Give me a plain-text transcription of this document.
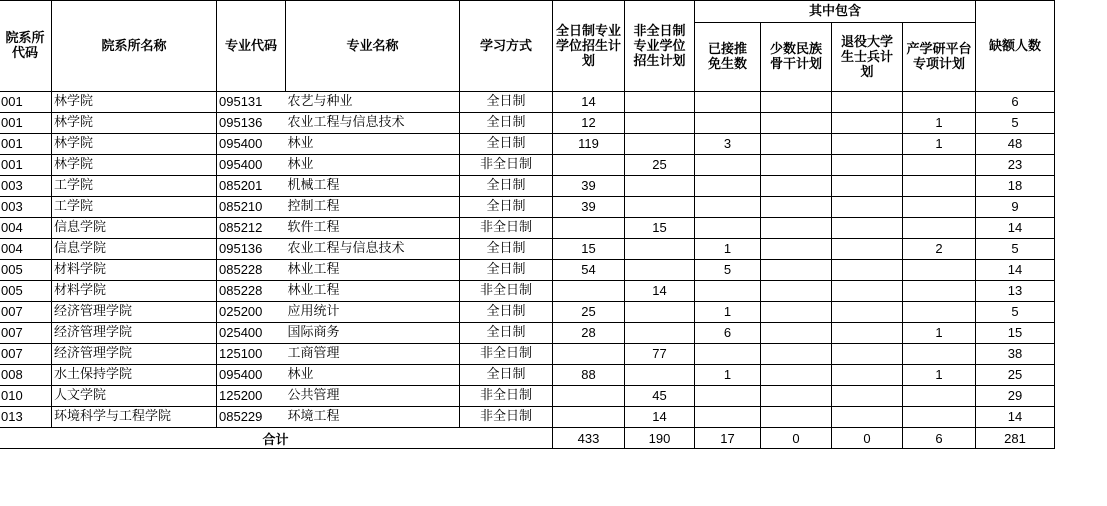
院系所代码	院系所名称	专业代码	专业名称	学习方式	全日制专业学位招生计划	非全日制专业学位招生计划	其中包含				缺额人数
							已接推免生数	少数民族骨干计划	退役大学生士兵计划	产学研平台专项计划	
001	林学院	095131	农艺与种业	全日制	14						6
001	林学院	095136	农业工程与信息技术	全日制	12					1	5
001	林学院	095400	林业	全日制	119		3			1	48
001	林学院	095400	林业	非全日制		25					23
003	工学院	085201	机械工程	全日制	39						18
003	工学院	085210	控制工程	全日制	39						9
004	信息学院	085212	软件工程	非全日制		15					14
004	信息学院	095136	农业工程与信息技术	全日制	15		1			2	5
005	材料学院	085228	林业工程	全日制	54		5				14
005	材料学院	085228	林业工程	非全日制		14					13
007	经济管理学院	025200	应用统计	全日制	25		1				5
007	经济管理学院	025400	国际商务	全日制	28		6			1	15
007	经济管理学院	125100	工商管理	非全日制		77					38
008	水土保持学院	095400	林业	全日制	88		1			1	25
010	人文学院	125200	公共管理	非全日制		45					29
013	环境科学与工程学院	085229	环境工程	非全日制		14					14
合计					433	190	17	0	0	6	281
